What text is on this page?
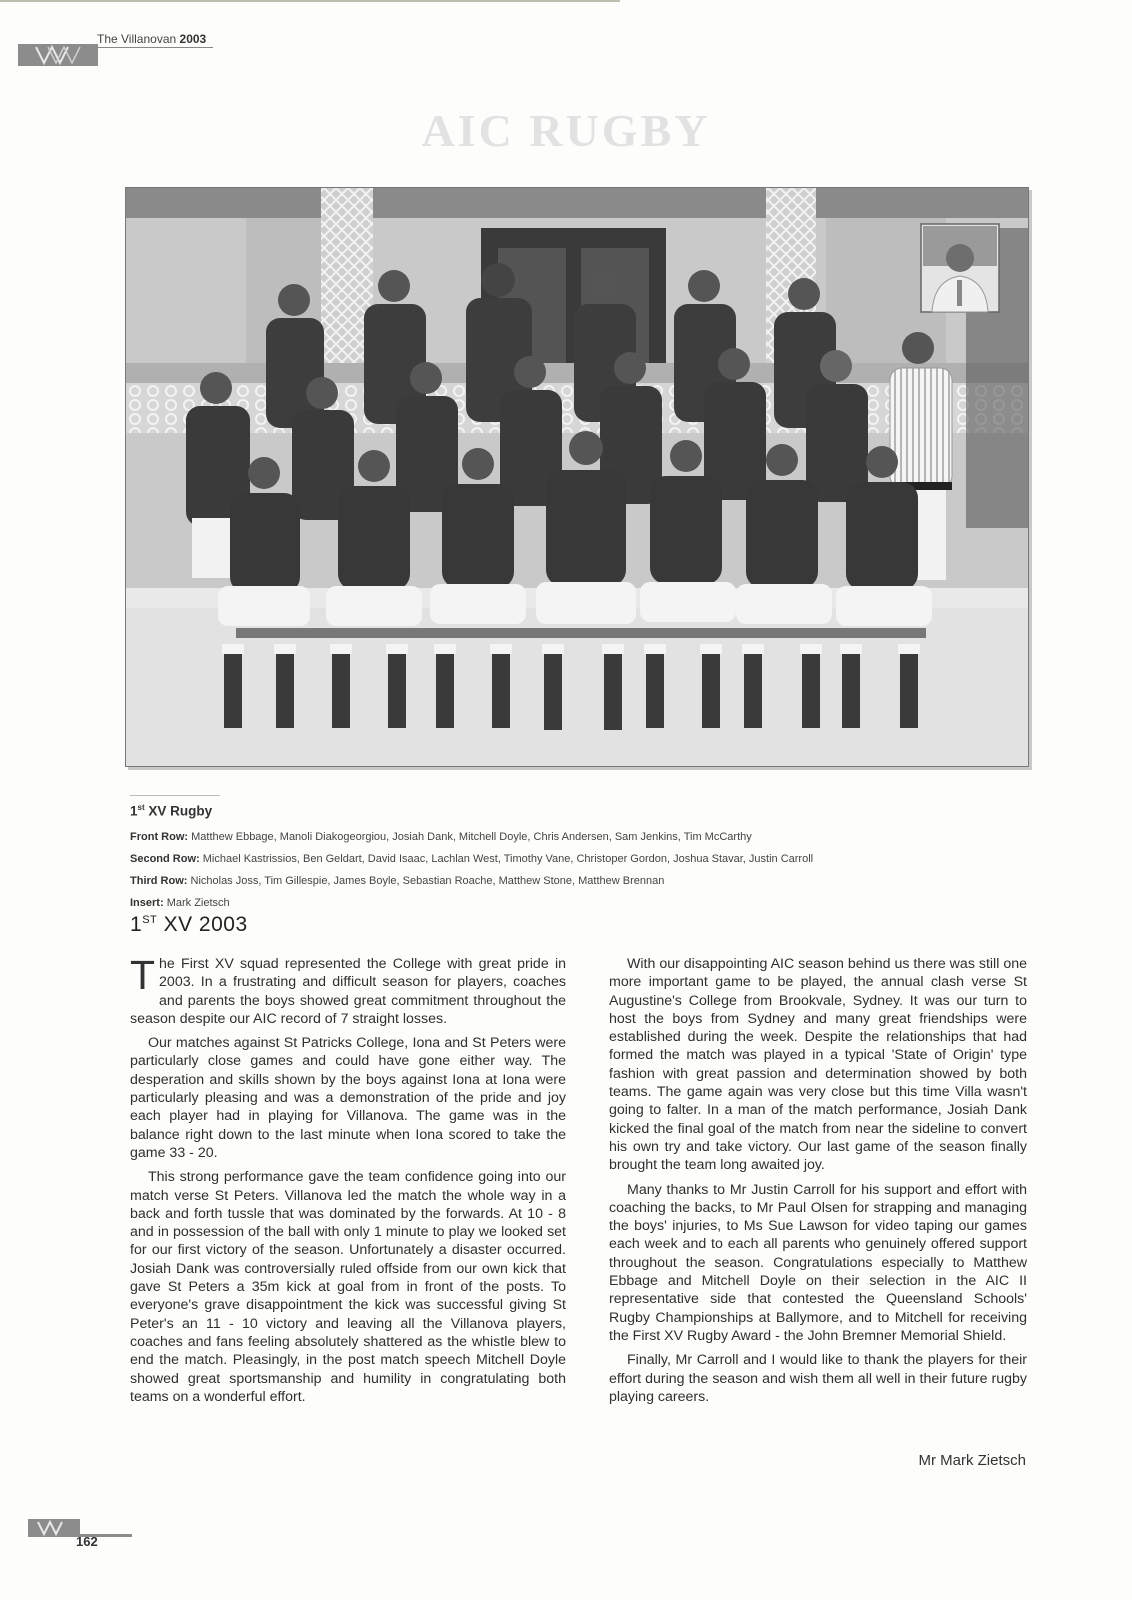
The Villanovan 2003
AIC RUGBY
1st XV Rugby
Front Row: Matthew Ebbage, Manoli Diakogeorgiou, Josiah Dank, Mitchell Doyle, Chris Andersen, Sam Jenkins, Tim McCarthy
Second Row: Michael Kastrissios, Ben Geldart, David Isaac, Lachlan West, Timothy Vane, Christoper Gordon, Joshua Stavar, Justin Carroll
Third Row: Nicholas Joss, Tim Gillespie, James Boyle, Sebastian Roache, Matthew Stone, Matthew Brennan
Insert: Mark Zietsch
1ST XV 2003

The First XV squad represented the College with great pride in 2003. In a frustrating and difficult season for players, coaches and parents the boys showed great commitment throughout the season despite our AIC record of 7 straight losses.

Our matches against St Patricks College, Iona and St Peters were particularly close games and could have gone either way. The desperation and skills shown by the boys against Iona at Iona were particularly pleasing and was a demonstration of the pride and joy each player had in playing for Villanova. The game was in the balance right down to the last minute when Iona scored to take the game 33 - 20.

This strong performance gave the team confidence going into our match verse St Peters. Villanova led the match the whole way in a back and forth tussle that was dominated by the forwards. At 10 - 8 and in possession of the ball with only 1 minute to play we looked set for our first victory of the season. Unfortunately a disaster occurred. Josiah Dank was controversially ruled offside from our own kick that gave St Peters a 35m kick at goal from in front of the posts. To everyone's grave disappointment the kick was successful giving St Peter's an 11 - 10 victory and leaving all the Villanova players, coaches and fans feeling absolutely shattered as the whistle blew to end the match. Pleasingly, in the post match speech Mitchell Doyle showed great sportsmanship and humility in congratulating both teams on a wonderful effort.

With our disappointing AIC season behind us there was still one more important game to be played, the annual clash verse St Augustine's College from Brookvale, Sydney. It was our turn to host the boys from Sydney and many great friendships were established during the week. Despite the relationships that had formed the match was played in a typical 'State of Origin' type fashion with great passion and determination showed by both teams. The game again was very close but this time Villa wasn't going to falter. In a man of the match performance, Josiah Dank kicked the final goal of the match from near the sideline to convert his own try and take victory. Our last game of the season finally brought the team long awaited joy.

Many thanks to Mr Justin Carroll for his support and effort with coaching the backs, to Mr Paul Olsen for strapping and managing the boys' injuries, to Ms Sue Lawson for video taping our games each week and to each all parents who genuinely offered support throughout the season. Congratulations especially to Matthew Ebbage and Mitchell Doyle on their selection in the AIC II representative side that contested the Queensland Schools' Rugby Championships at Ballymore, and to Mitchell for receiving the First XV Rugby Award - the John Bremner Memorial Shield.

Finally, Mr Carroll and I would like to thank the players for their effort during the season and wish them all well in their future rugby playing careers.

Mr Mark Zietsch
162
